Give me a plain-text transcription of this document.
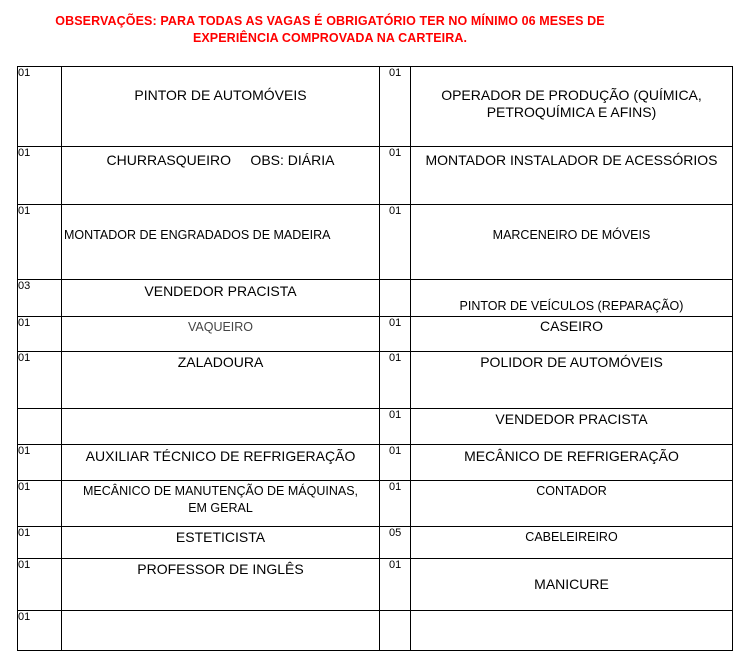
OBSERVAÇÕES: PARA TODAS AS VAGAS É OBRIGATÓRIO TER NO MÍNIMO 06 MESES DE
EXPERIÊNCIA COMPROVADA NA CARTEIRA.
01	PINTOR DE AUTOMÓVEIS	01	OPERADOR DE PRODUÇÃO (QUÍMICA,
PETROQUÍMICA E AFINS)

01	CHURRASQUEIRO     OBS: DIÁRIA	01	MONTADOR INSTALADOR DE ACESSÓRIOS

01	MONTADOR DE ENGRADADOS DE MADEIRA	01	MARCENEIRO DE MÓVEIS

03	VENDEDOR PRACISTA		PINTOR DE VEÍCULOS (REPARAÇÃO)

01	VAQUEIRO	01	CASEIRO

01	ZALADOURA	01	POLIDOR DE AUTOMÓVEIS

		01	VENDEDOR PRACISTA

01	AUXILIAR TÉCNICO DE REFRIGERAÇÃO	01	MECÂNICO DE REFRIGERAÇÃO

01	MECÂNICO DE MANUTENÇÃO DE MÁQUINAS,
EM GERAL	01	CONTADOR

01	ESTETICISTA	05	CABELEIREIRO

01	PROFESSOR DE INGLÊS	01	MANICURE

01			
